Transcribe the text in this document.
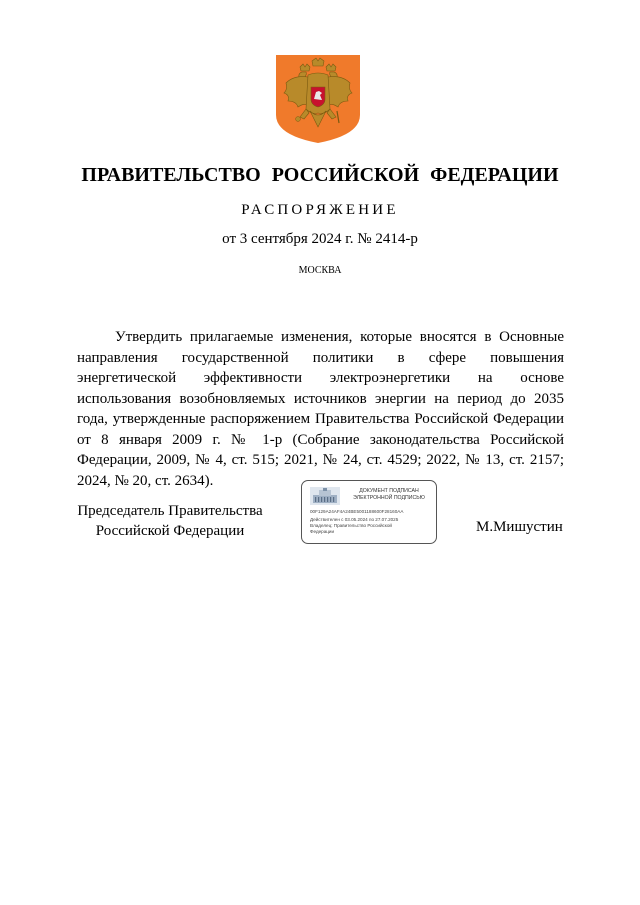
ПРАВИТЕЛЬСТВО РОССИЙСКОЙ ФЕДЕРАЦИИ
РАСПОРЯЖЕНИЕ
от 3 сентября 2024 г. № 2414-р
МОСКВА
Утвердить прилагаемые изменения, которые вносятся в Основные направления государственной политики в сфере повышения энергетической эффективности электроэнергетики на основе использования возобновляемых источников энергии на период до 2035 года, утвержденные распоряжением Правительства Российской Федерации от 8 января 2009 г. № 1-р (Собрание законодательства Российской Федерации, 2009, № 4, ст. 515; 2021, № 24, ст. 4529; 2022, № 13, ст. 2157; 2024, № 20, ст. 2634).
Председатель Правительства
Российской Федерации
ДОКУМЕНТ ПОДПИСАН
ЭЛЕКТРОННОЙ ПОДПИСЬЮ
00F129A24AF4A24BE5001188600F28160AA
Действителен с 03.05.2024 по 27.07.2025
Владелец: Правительство Российской
Федерации	М.Мишустин
